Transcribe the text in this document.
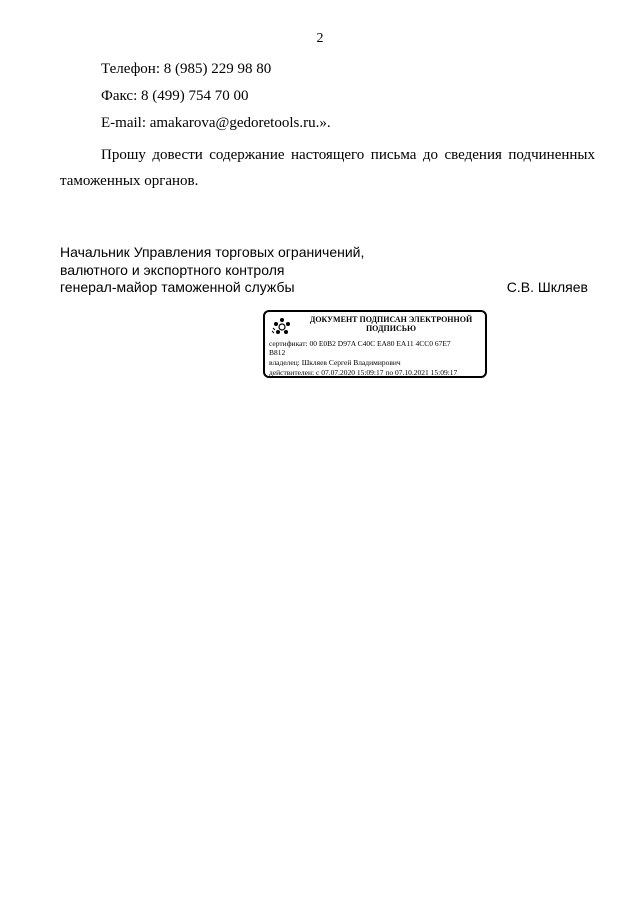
2
Телефон: 8 (985) 229 98 80
Факс: 8 (499) 754 70 00
E-mail: amakarova@gedoretools.ru.».
Прошу довести содержание настоящего письма до сведения подчиненных таможенных органов.
Начальник Управления торговых ограничений,
валютного и экспортного контроля
генерал-майор таможенной службы	С.В. Шкляев
ДОКУМЕНТ ПОДПИСАН ЭЛЕКТРОННОЙ ПОДПИСЬЮ
сертификат: 00 E0B2 D97A C40C EA80 EA11 4CC0 67E7
B812
владелец: Шкляев Сергей Владимирович
действителен: с 07.07.2020 15:09:17 по 07.10.2021 15:09:17
